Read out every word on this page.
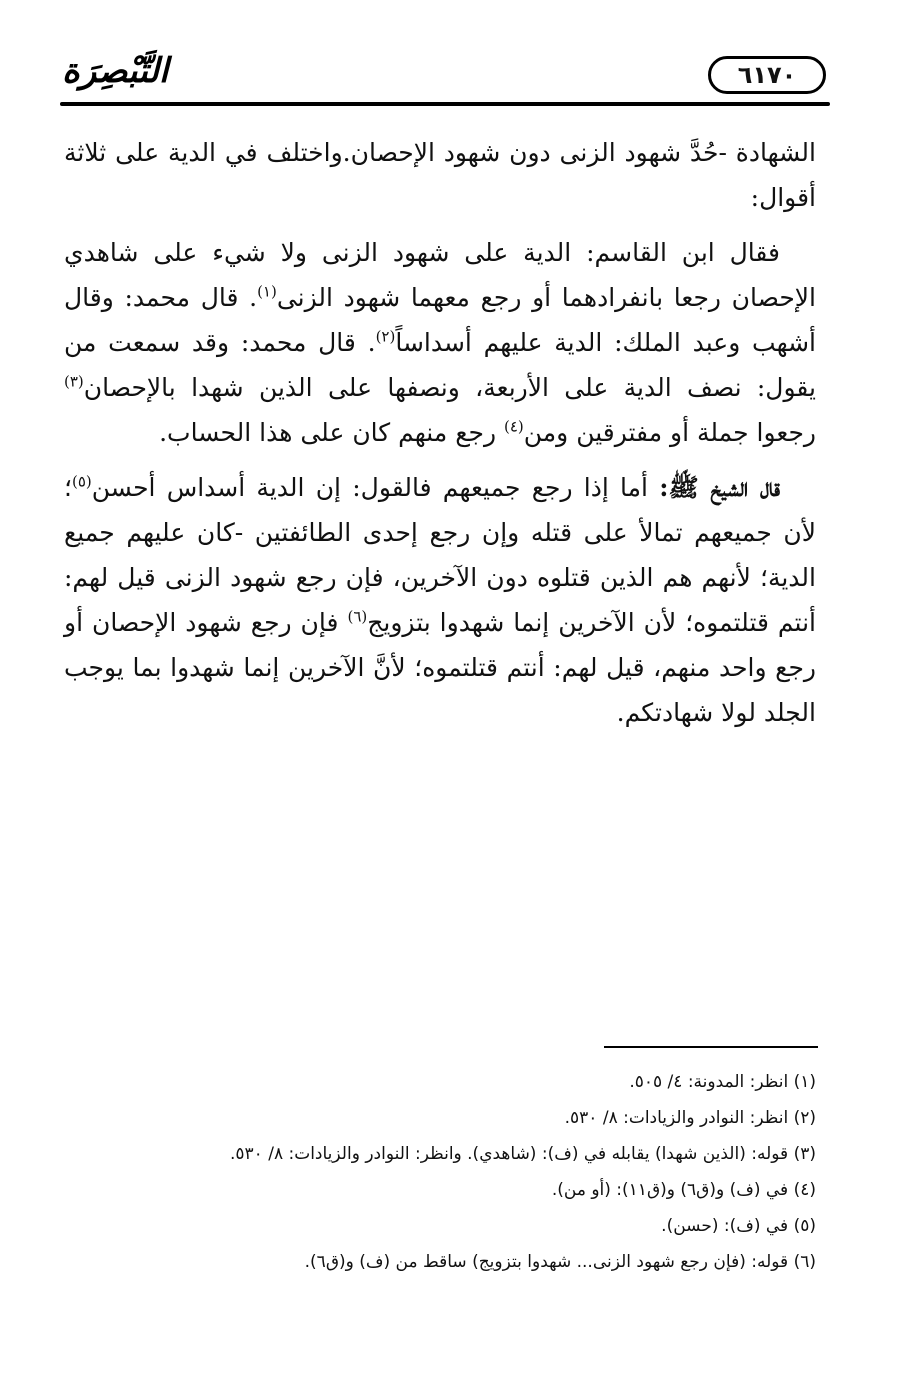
التَّبْصِرَة	٦١٧٠

الشهادة -حُدَّ شهود الزنى دون شهود الإحصان.واختلف في الدية على ثلاثة أقوال:

فقال ابن القاسم: الدية على شهود الزنى ولا شيء على شاهدي الإحصان رجعا بانفرادهما أو رجع معهما شهود الزنى$^{(١)}$. قال محمد: وقال أشهب وعبد الملك: الدية عليهم أسداساً$^{(٢)}$. قال محمد: وقد سمعت من يقول: نصف الدية على الأربعة، ونصفها على الذين شهدا بالإحصان$^{(٣)}$ رجعوا جملة أو مفترقين ومن$^{(٤)}$ رجع منهم كان على هذا الحساب.

قال الشيخ ﷺ: أما إذا رجع جميعهم فالقول: إن الدية أسداس أحسن$^{(٥)}$؛ لأن جميعهم تمالأ على قتله وإن رجع إحدى الطائفتين -كان عليهم جميع الدية؛ لأنهم هم الذين قتلوه دون الآخرين، فإن رجع شهود الزنى قيل لهم: أنتم قتلتموه؛ لأن الآخرين إنما شهدوا بتزويج$^{(٦)}$ فإن رجع شهود الإحصان أو رجع واحد منهم، قيل لهم: أنتم قتلتموه؛ لأنَّ الآخرين إنما شهدوا بما يوجب الجلد لولا شهادتكم.

(١) انظر: المدونة: ٤/ ٥٠٥.
(٢) انظر: النوادر والزيادات: ٨/ ٥٣٠.
(٣) قوله: (الذين شهدا) يقابله في (ف): (شاهدي). وانظر: النوادر والزيادات: ٨/ ٥٣٠.
(٤) في (ف) و(ق٦) و(ق١١): (أو من).
(٥) في (ف): (حسن).
(٦) قوله: (فإن رجع شهود الزنى... شهدوا بتزويج) ساقط من (ف) و(ق٦).
